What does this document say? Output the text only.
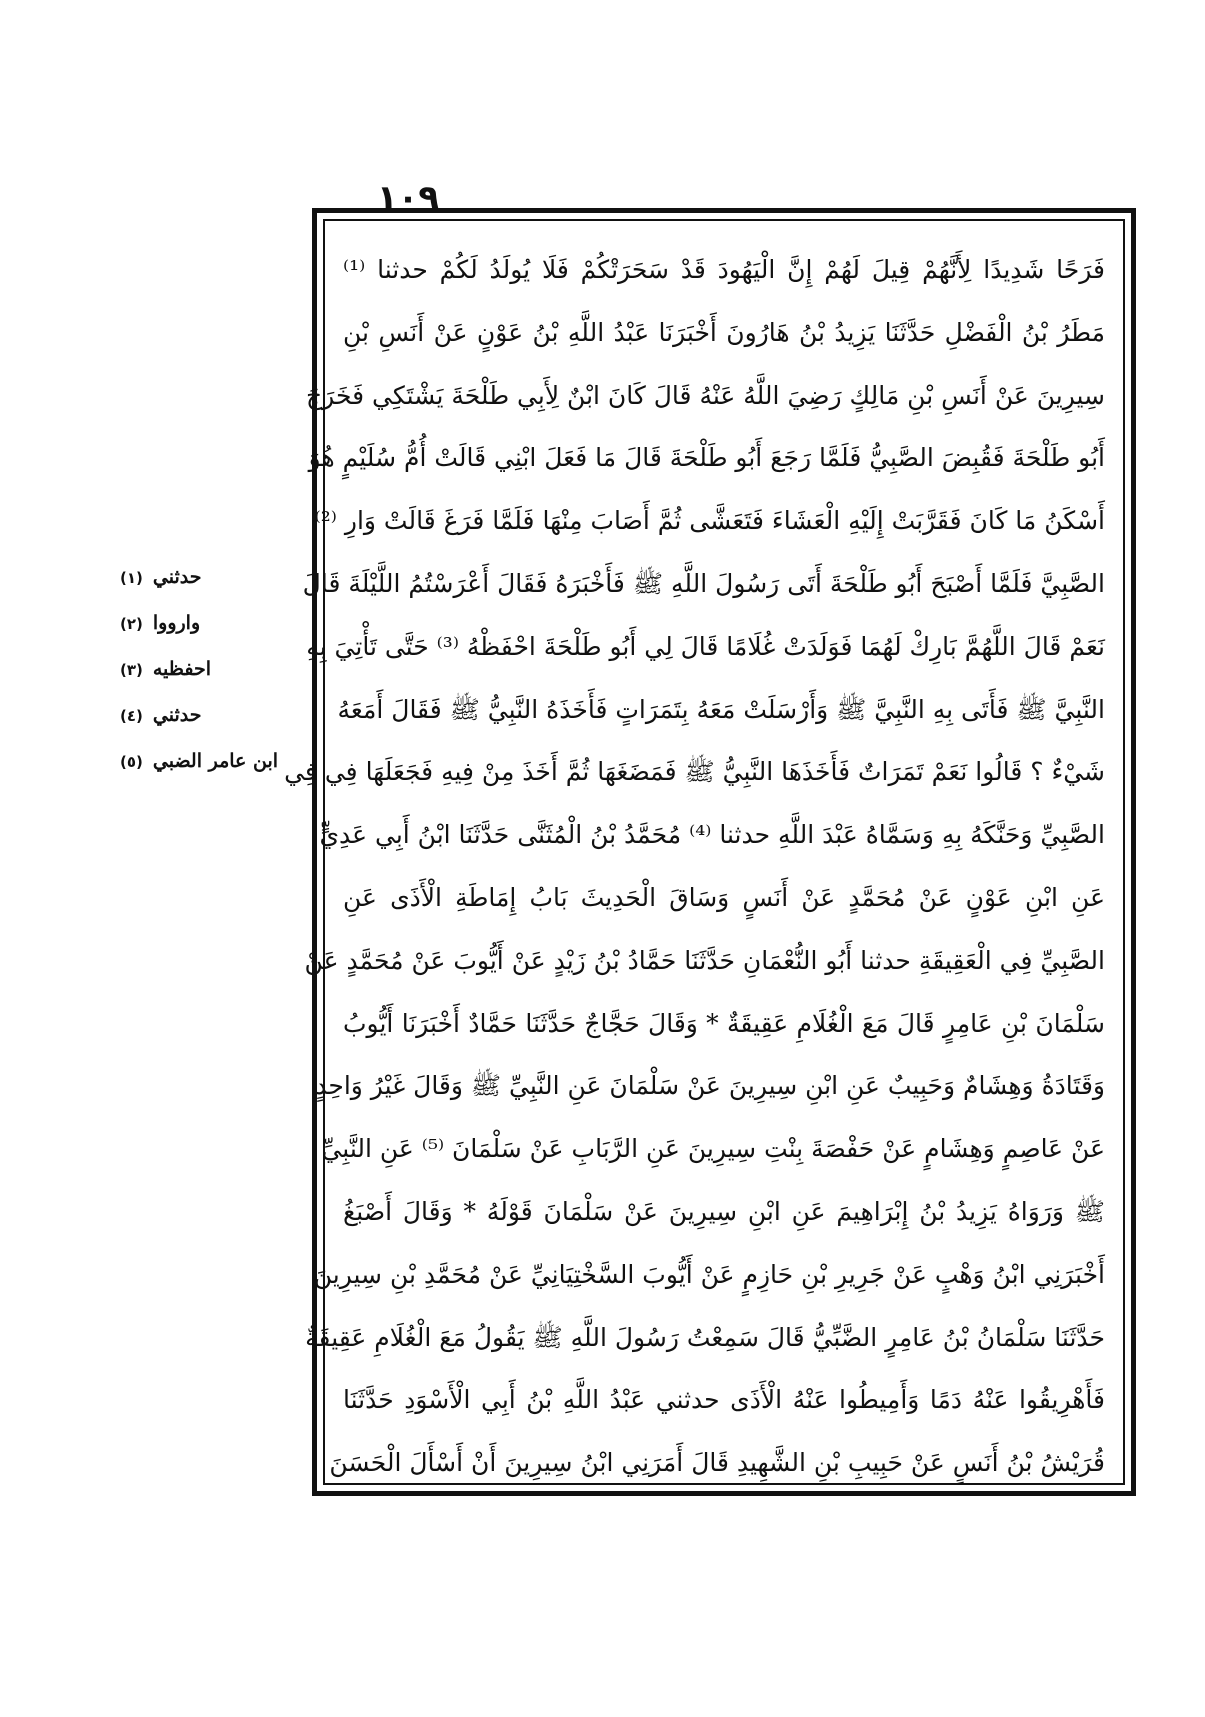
١٠٩
(١) حدثني
(٢) وارووا
(٣) احفظيه
(٤) حدثني
(٥) ابن عامر الضبي
فَرَحًا شَدِيدًا لِأَنَّهُمْ قِيلَ لَهُمْ إِنَّ الْيَهُودَ قَدْ سَحَرَتْكُمْ فَلَا يُولَدُ لَكُمْ حدثنا ⁽¹⁾
مَطَرُ بْنُ الْفَضْلِ حَدَّثَنَا يَزِيدُ بْنُ هَارُونَ أَخْبَرَنَا عَبْدُ اللَّهِ بْنُ عَوْنٍ عَنْ أَنَسِ بْنِ
سِيرِينَ عَنْ أَنَسِ بْنِ مَالِكٍ رَضِيَ اللَّهُ عَنْهُ قَالَ كَانَ ابْنٌ لِأَبِي طَلْحَةَ يَشْتَكِي فَخَرَجَ
أَبُو طَلْحَةَ فَقُبِضَ الصَّبِيُّ فَلَمَّا رَجَعَ أَبُو طَلْحَةَ قَالَ مَا فَعَلَ ابْنِي قَالَتْ أُمُّ سُلَيْمٍ هُوَ
أَسْكَنُ مَا كَانَ فَقَرَّبَتْ إِلَيْهِ الْعَشَاءَ فَتَعَشَّى ثُمَّ أَصَابَ مِنْهَا فَلَمَّا فَرَغَ قَالَتْ وَارِ ⁽²⁾
الصَّبِيَّ فَلَمَّا أَصْبَحَ أَبُو طَلْحَةَ أَتَى رَسُولَ اللَّهِ ﷺ فَأَخْبَرَهُ فَقَالَ أَعْرَسْتُمُ اللَّيْلَةَ قَالَ
نَعَمْ قَالَ اللَّهُمَّ بَارِكْ لَهُمَا فَوَلَدَتْ غُلَامًا قَالَ لِي أَبُو طَلْحَةَ احْفَظْهُ ⁽³⁾ حَتَّى تَأْتِيَ بِهِ
النَّبِيَّ ﷺ فَأَتَى بِهِ النَّبِيَّ ﷺ وَأَرْسَلَتْ مَعَهُ بِتَمَرَاتٍ فَأَخَذَهُ النَّبِيُّ ﷺ فَقَالَ أَمَعَهُ
شَيْءٌ ؟ قَالُوا نَعَمْ تَمَرَاتٌ فَأَخَذَهَا النَّبِيُّ ﷺ فَمَضَغَهَا ثُمَّ أَخَذَ مِنْ فِيهِ فَجَعَلَهَا فِي فِي
الصَّبِيِّ وَحَنَّكَهُ بِهِ وَسَمَّاهُ عَبْدَ اللَّهِ حدثنا ⁽⁴⁾ مُحَمَّدُ بْنُ الْمُثَنَّى حَدَّثَنَا ابْنُ أَبِي عَدِيٍّ
عَنِ ابْنِ عَوْنٍ عَنْ مُحَمَّدٍ عَنْ أَنَسٍ وَسَاقَ الْحَدِيثَ بَابُ إِمَاطَةِ الْأَذَى عَنِ
الصَّبِيِّ فِي الْعَقِيقَةِ حدثنا أَبُو النُّعْمَانِ حَدَّثَنَا حَمَّادُ بْنُ زَيْدٍ عَنْ أَيُّوبَ عَنْ مُحَمَّدٍ عَنْ
سَلْمَانَ بْنِ عَامِرٍ قَالَ مَعَ الْغُلَامِ عَقِيقَةٌ * وَقَالَ حَجَّاجٌ حَدَّثَنَا حَمَّادٌ أَخْبَرَنَا أَيُّوبُ
وَقَتَادَةُ وَهِشَامٌ وَحَبِيبٌ عَنِ ابْنِ سِيرِينَ عَنْ سَلْمَانَ عَنِ النَّبِيِّ ﷺ وَقَالَ غَيْرُ وَاحِدٍ
عَنْ عَاصِمٍ وَهِشَامٍ عَنْ حَفْصَةَ بِنْتِ سِيرِينَ عَنِ الرَّبَابِ عَنْ سَلْمَانَ ⁽⁵⁾ عَنِ النَّبِيِّ
ﷺ وَرَوَاهُ يَزِيدُ بْنُ إِبْرَاهِيمَ عَنِ ابْنِ سِيرِينَ عَنْ سَلْمَانَ قَوْلَهُ * وَقَالَ أَصْبَغُ
أَخْبَرَنِي ابْنُ وَهْبٍ عَنْ جَرِيرِ بْنِ حَازِمٍ عَنْ أَيُّوبَ السَّخْتِيَانِيِّ عَنْ مُحَمَّدِ بْنِ سِيرِينَ
حَدَّثَنَا سَلْمَانُ بْنُ عَامِرٍ الضَّبِّيُّ قَالَ سَمِعْتُ رَسُولَ اللَّهِ ﷺ يَقُولُ مَعَ الْغُلَامِ عَقِيقَةٌ
فَأَهْرِيقُوا عَنْهُ دَمًا وَأَمِيطُوا عَنْهُ الْأَذَى حدثني عَبْدُ اللَّهِ بْنُ أَبِي الْأَسْوَدِ حَدَّثَنَا
قُرَيْشُ بْنُ أَنَسٍ عَنْ حَبِيبِ بْنِ الشَّهِيدِ قَالَ أَمَرَنِي ابْنُ سِيرِينَ أَنْ أَسْأَلَ الْحَسَنَ
